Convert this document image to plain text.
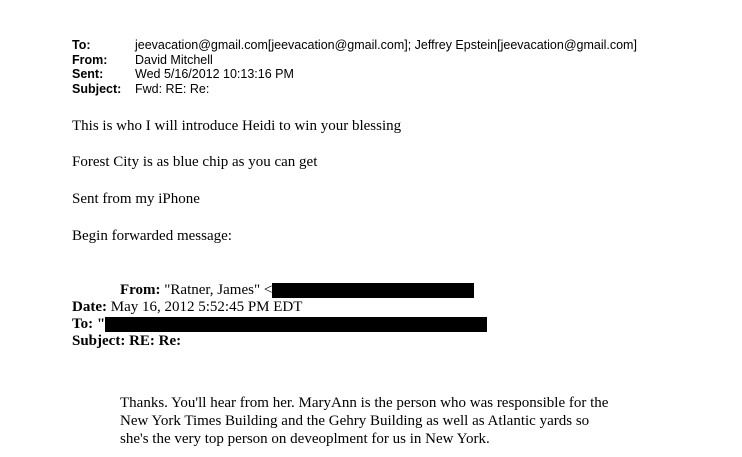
To:	jeevacation@gmail.com[jeevacation@gmail.com]; Jeffrey Epstein[jeevacation@gmail.com]
From:	David Mitchell
Sent:	Wed 5/16/2012 10:13:16 PM
Subject:	Fwd: RE: Re:
This is who I will introduce Heidi to win your blessing
Forest City is as blue chip as you can get
Sent from my iPhone
Begin forwarded message:
From:
"Ratner, James" <
Date:
May 16, 2012 5:52:45 PM EDT
To:
"
Subject:
RE: Re:
Thanks. You'll hear from her. MaryAnn is the person who was responsible for the
New York Times Building and the Gehry Building as well as Atlantic yards so
she's the very top person on deveoplment for us in New York.
